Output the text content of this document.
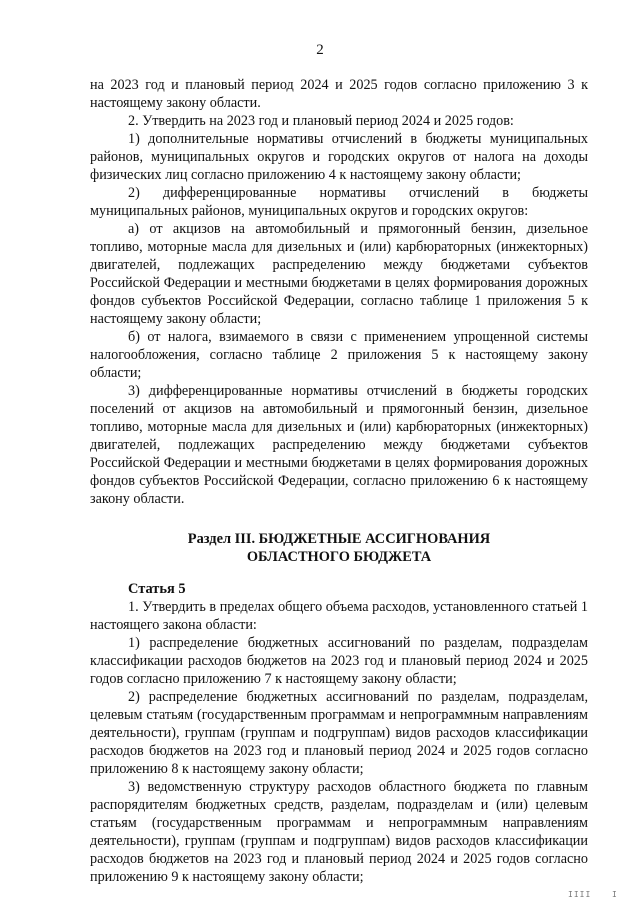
2

на 2023 год и плановый период 2024 и 2025 годов согласно приложению 3 к настоящему закону области.

2. Утвердить на 2023 год и плановый период 2024 и 2025 годов:

1) дополнительные нормативы отчислений в бюджеты муниципальных районов, муниципальных округов и городских округов от налога на доходы физических лиц согласно приложению 4 к настоящему закону области;

2) дифференцированные нормативы отчислений в бюджеты муниципальных районов, муниципальных округов и городских округов:

а) от акцизов на автомобильный и прямогонный бензин, дизельное топливо, моторные масла для дизельных и (или) карбюраторных (инжекторных) двигателей, подлежащих распределению между бюджетами субъектов Российской Федерации и местными бюджетами в целях формирования дорожных фондов субъектов Российской Федерации, согласно таблице 1 приложения 5 к настоящему закону области;

б) от налога, взимаемого в связи с применением упрощенной системы налогообложения, согласно таблице 2 приложения 5 к настоящему закону области;

3) дифференцированные нормативы отчислений в бюджеты городских поселений от акцизов на автомобильный и прямогонный бензин, дизельное топливо, моторные масла для дизельных и (или) карбюраторных (инжекторных) двигателей, подлежащих распределению между бюджетами субъектов Российской Федерации и местными бюджетами в целях формирования дорожных фондов субъектов Российской Федерации, согласно приложению 6 к настоящему закону области.

Раздел III. БЮДЖЕТНЫЕ АССИГНОВАНИЯ
ОБЛАСТНОГО БЮДЖЕТА
Статья 5

1. Утвердить в пределах общего объема расходов, установленного статьей 1 настоящего закона области:

1) распределение бюджетных ассигнований по разделам, подразделам классификации расходов бюджетов на 2023 год и плановый период 2024 и 2025 годов согласно приложению 7 к настоящему закону области;

2) распределение бюджетных ассигнований по разделам, подразделам, целевым статьям (государственным программам и непрограммным направлениям деятельности), группам (группам и подгруппам) видов расходов классификации расходов бюджетов на 2023 год и плановый период 2024 и 2025 годов согласно приложению 8 к настоящему закону области;

3) ведомственную структуру расходов областного бюджета по главным распорядителям бюджетных средств, разделам, подразделам и (или) целевым статьям (государственным программам и непрограммным направлениям деятельности), группам (группам и подгруппам) видов расходов классификации расходов бюджетов на 2023 год и плановый период 2024 и 2025 годов согласно приложению 9 к настоящему закону области;

IIII	I
